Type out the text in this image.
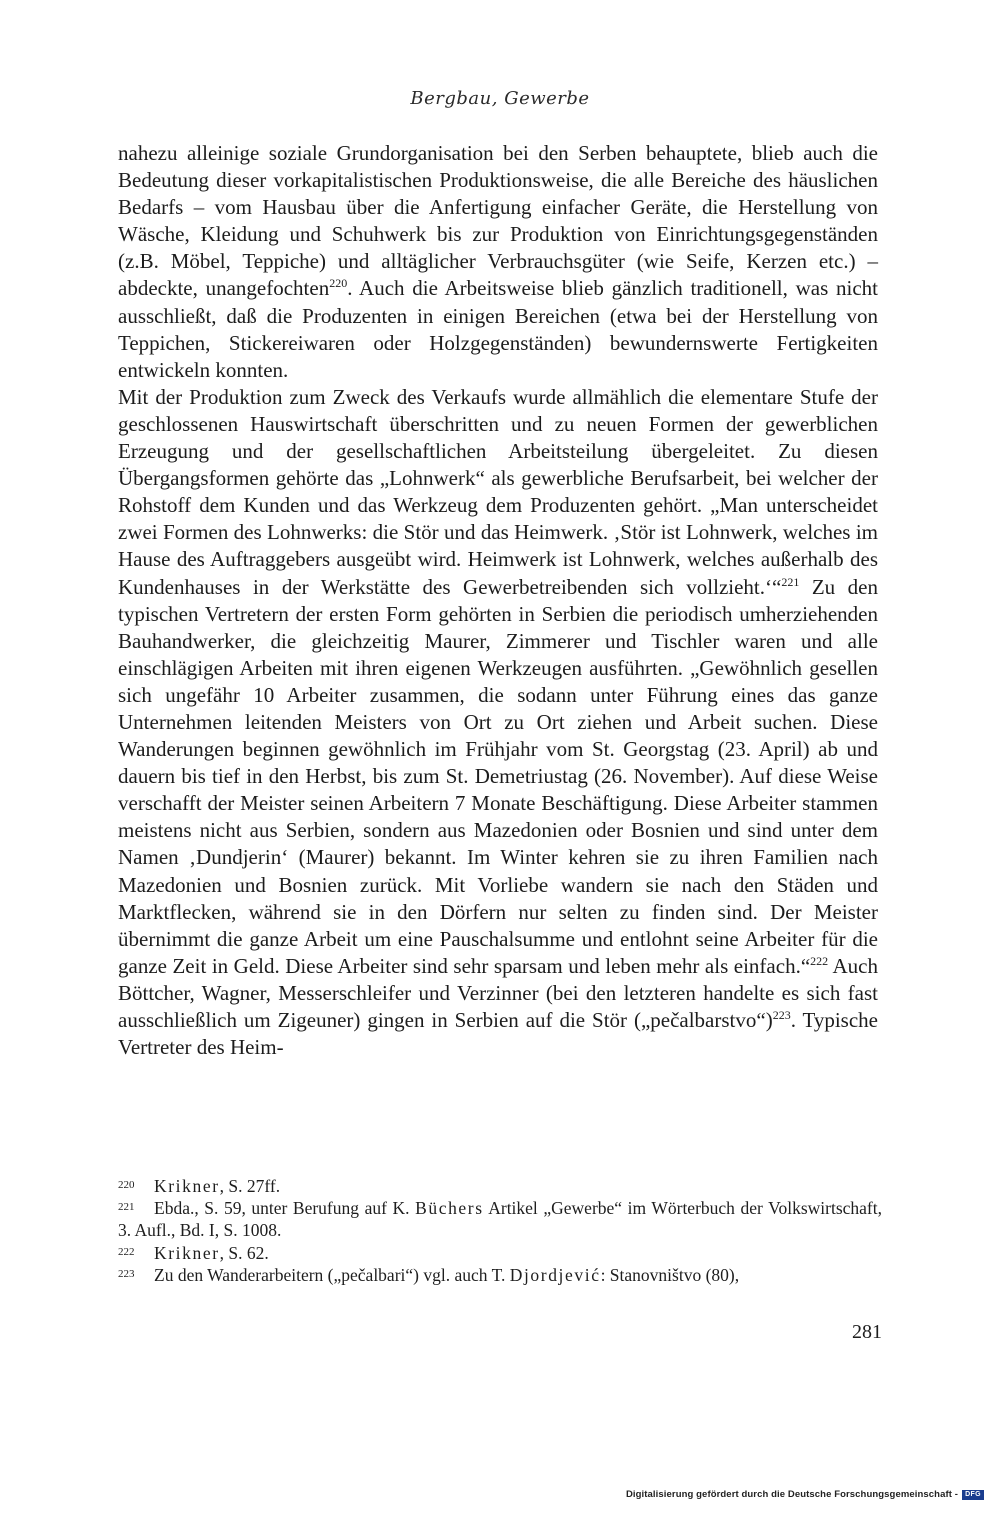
Bergbau, Gewerbe

nahezu alleinige soziale Grundorganisation bei den Serben behauptete, blieb auch die Bedeutung dieser vorkapitalistischen Produktionsweise, die alle Bereiche des häuslichen Bedarfs – vom Hausbau über die Anfertigung einfacher Geräte, die Herstellung von Wäsche, Kleidung und Schuhwerk bis zur Produktion von Einrichtungsgegenständen (z.B. Möbel, Teppiche) und alltäglicher Verbrauchsgüter (wie Seife, Kerzen etc.) – abdeckte, unangefochten$^{220}$. Auch die Arbeitsweise blieb gänzlich traditionell, was nicht ausschließt, daß die Produzenten in einigen Bereichen (etwa bei der Herstellung von Teppichen, Stickereiwaren oder Holzgegenständen) bewundernswerte Fertigkeiten entwickeln konnten.

Mit der Produktion zum Zweck des Verkaufs wurde allmählich die elementare Stufe der geschlossenen Hauswirtschaft überschritten und zu neuen Formen der gewerblichen Erzeugung und der gesellschaftlichen Arbeitsteilung übergeleitet. Zu diesen Übergangsformen gehörte das „Lohnwerk“ als gewerbliche Berufsarbeit, bei welcher der Rohstoff dem Kunden und das Werkzeug dem Produzenten gehört. „Man unterscheidet zwei Formen des Lohnwerks: die Stör und das Heimwerk. ‚Stör ist Lohnwerk, welches im Hause des Auftraggebers ausgeübt wird. Heimwerk ist Lohnwerk, welches außerhalb des Kundenhauses in der Werkstätte des Gewerbetreibenden sich vollzieht.‘“$^{221}$ Zu den typischen Vertretern der ersten Form gehörten in Serbien die periodisch umherziehenden Bauhandwerker, die gleichzeitig Maurer, Zimmerer und Tischler waren und alle einschlägigen Arbeiten mit ihren eigenen Werkzeugen ausführten. „Gewöhnlich gesellen sich ungefähr 10 Arbeiter zusammen, die sodann unter Führung eines das ganze Unternehmen leitenden Meisters von Ort zu Ort ziehen und Arbeit suchen. Diese Wanderungen beginnen gewöhnlich im Frühjahr vom St. Georgstag (23. April) ab und dauern bis tief in den Herbst, bis zum St. Demetriustag (26. November). Auf diese Weise verschafft der Meister seinen Arbeitern 7 Monate Beschäftigung. Diese Arbeiter stammen meistens nicht aus Serbien, sondern aus Mazedonien oder Bosnien und sind unter dem Namen ‚Dundjerin‘ (Maurer) bekannt. Im Winter kehren sie zu ihren Familien nach Mazedonien und Bosnien zurück. Mit Vorliebe wandern sie nach den Städen und Marktflecken, während sie in den Dörfern nur selten zu finden sind. Der Meister übernimmt die ganze Arbeit um eine Pauschalsumme und entlohnt seine Arbeiter für die ganze Zeit in Geld. Diese Arbeiter sind sehr sparsam und leben mehr als einfach.“$^{222}$ Auch Böttcher, Wagner, Messerschleifer und Verzinner (bei den letzteren handelte es sich fast ausschließlich um Zigeuner) gingen in Serbien auf die Stör („pečalbarstvo“)$^{223}$. Typische Vertreter des Heim-

220 Krikner, S. 27ff.

221 Ebda., S. 59, unter Berufung auf K. Büchers Artikel „Gewerbe“ im Wörterbuch der Volkswirtschaft, 3. Aufl., Bd. I, S. 1008.

222 Krikner, S. 62.

223 Zu den Wanderarbeitern („pečalbari“) vgl. auch T. Djordjević: Stanovništvo (80),

281
Digitalisierung gefördert durch die Deutsche Forschungsgemeinschaft - DFG
